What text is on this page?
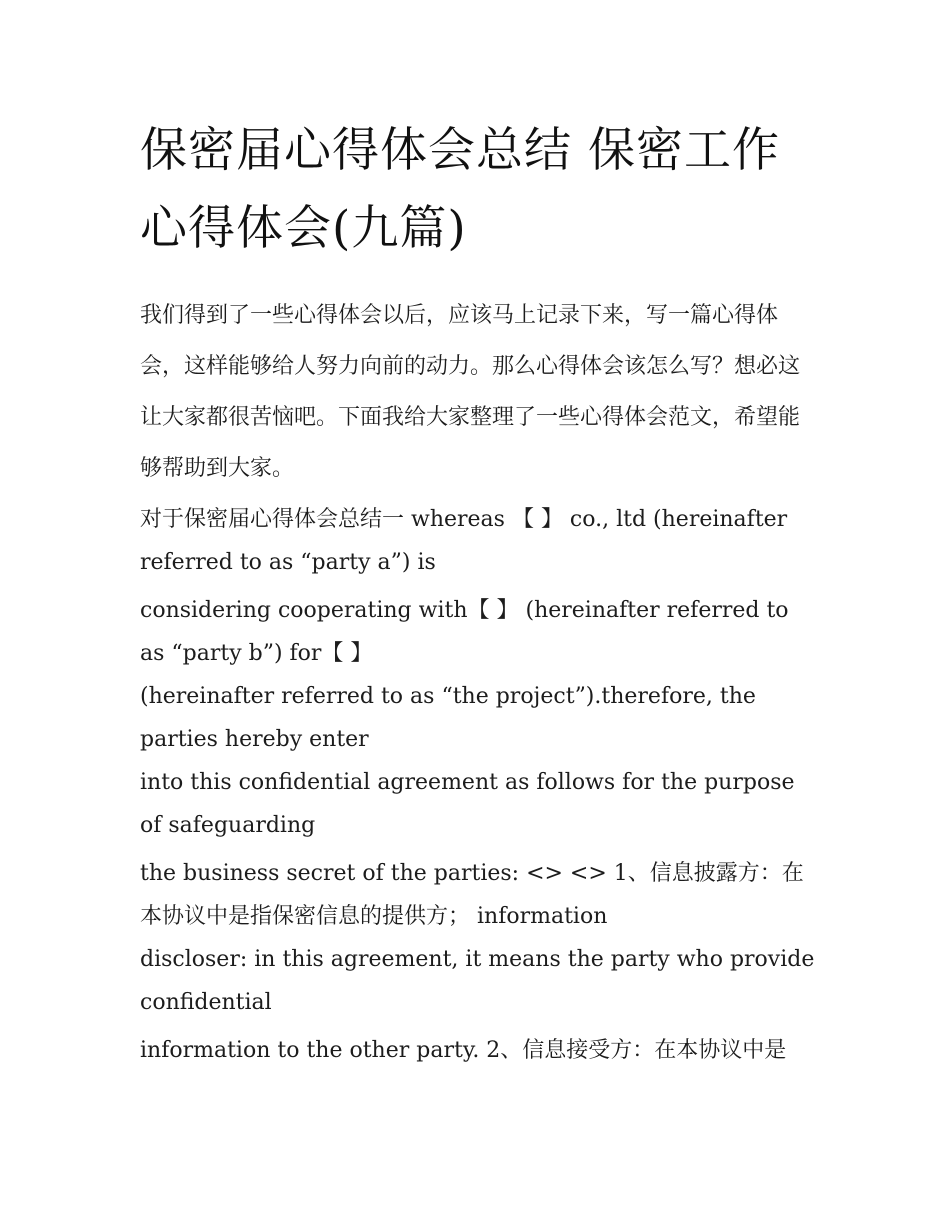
保密届心得体会总结 保密工作心得体会(九篇)

我们得到了一些心得体会以后，应该马上记录下来，写一篇心得体会，这样能够给人努力向前的动力。那么心得体会该怎么写？想必这让大家都很苦恼吧。下面我给大家整理了一些心得体会范文，希望能够帮助到大家。

对于保密届心得体会总结一 whereas 【 】 co., ltd (hereinafter referred to as “party a”) is

considering cooperating with【 】 (hereinafter referred to as “party b”) for【 】

(hereinafter referred to as “the project”).therefore, the parties hereby enter

into this confidential agreement as follows for the purpose of safeguarding

the business secret of the parties: <> <> 1、信息披露方：在本协议中是指保密信息的提供方； information

discloser: in this agreement, it means the party who provide confidential

information to the other party. 2、信息接受方：在本协议中是
